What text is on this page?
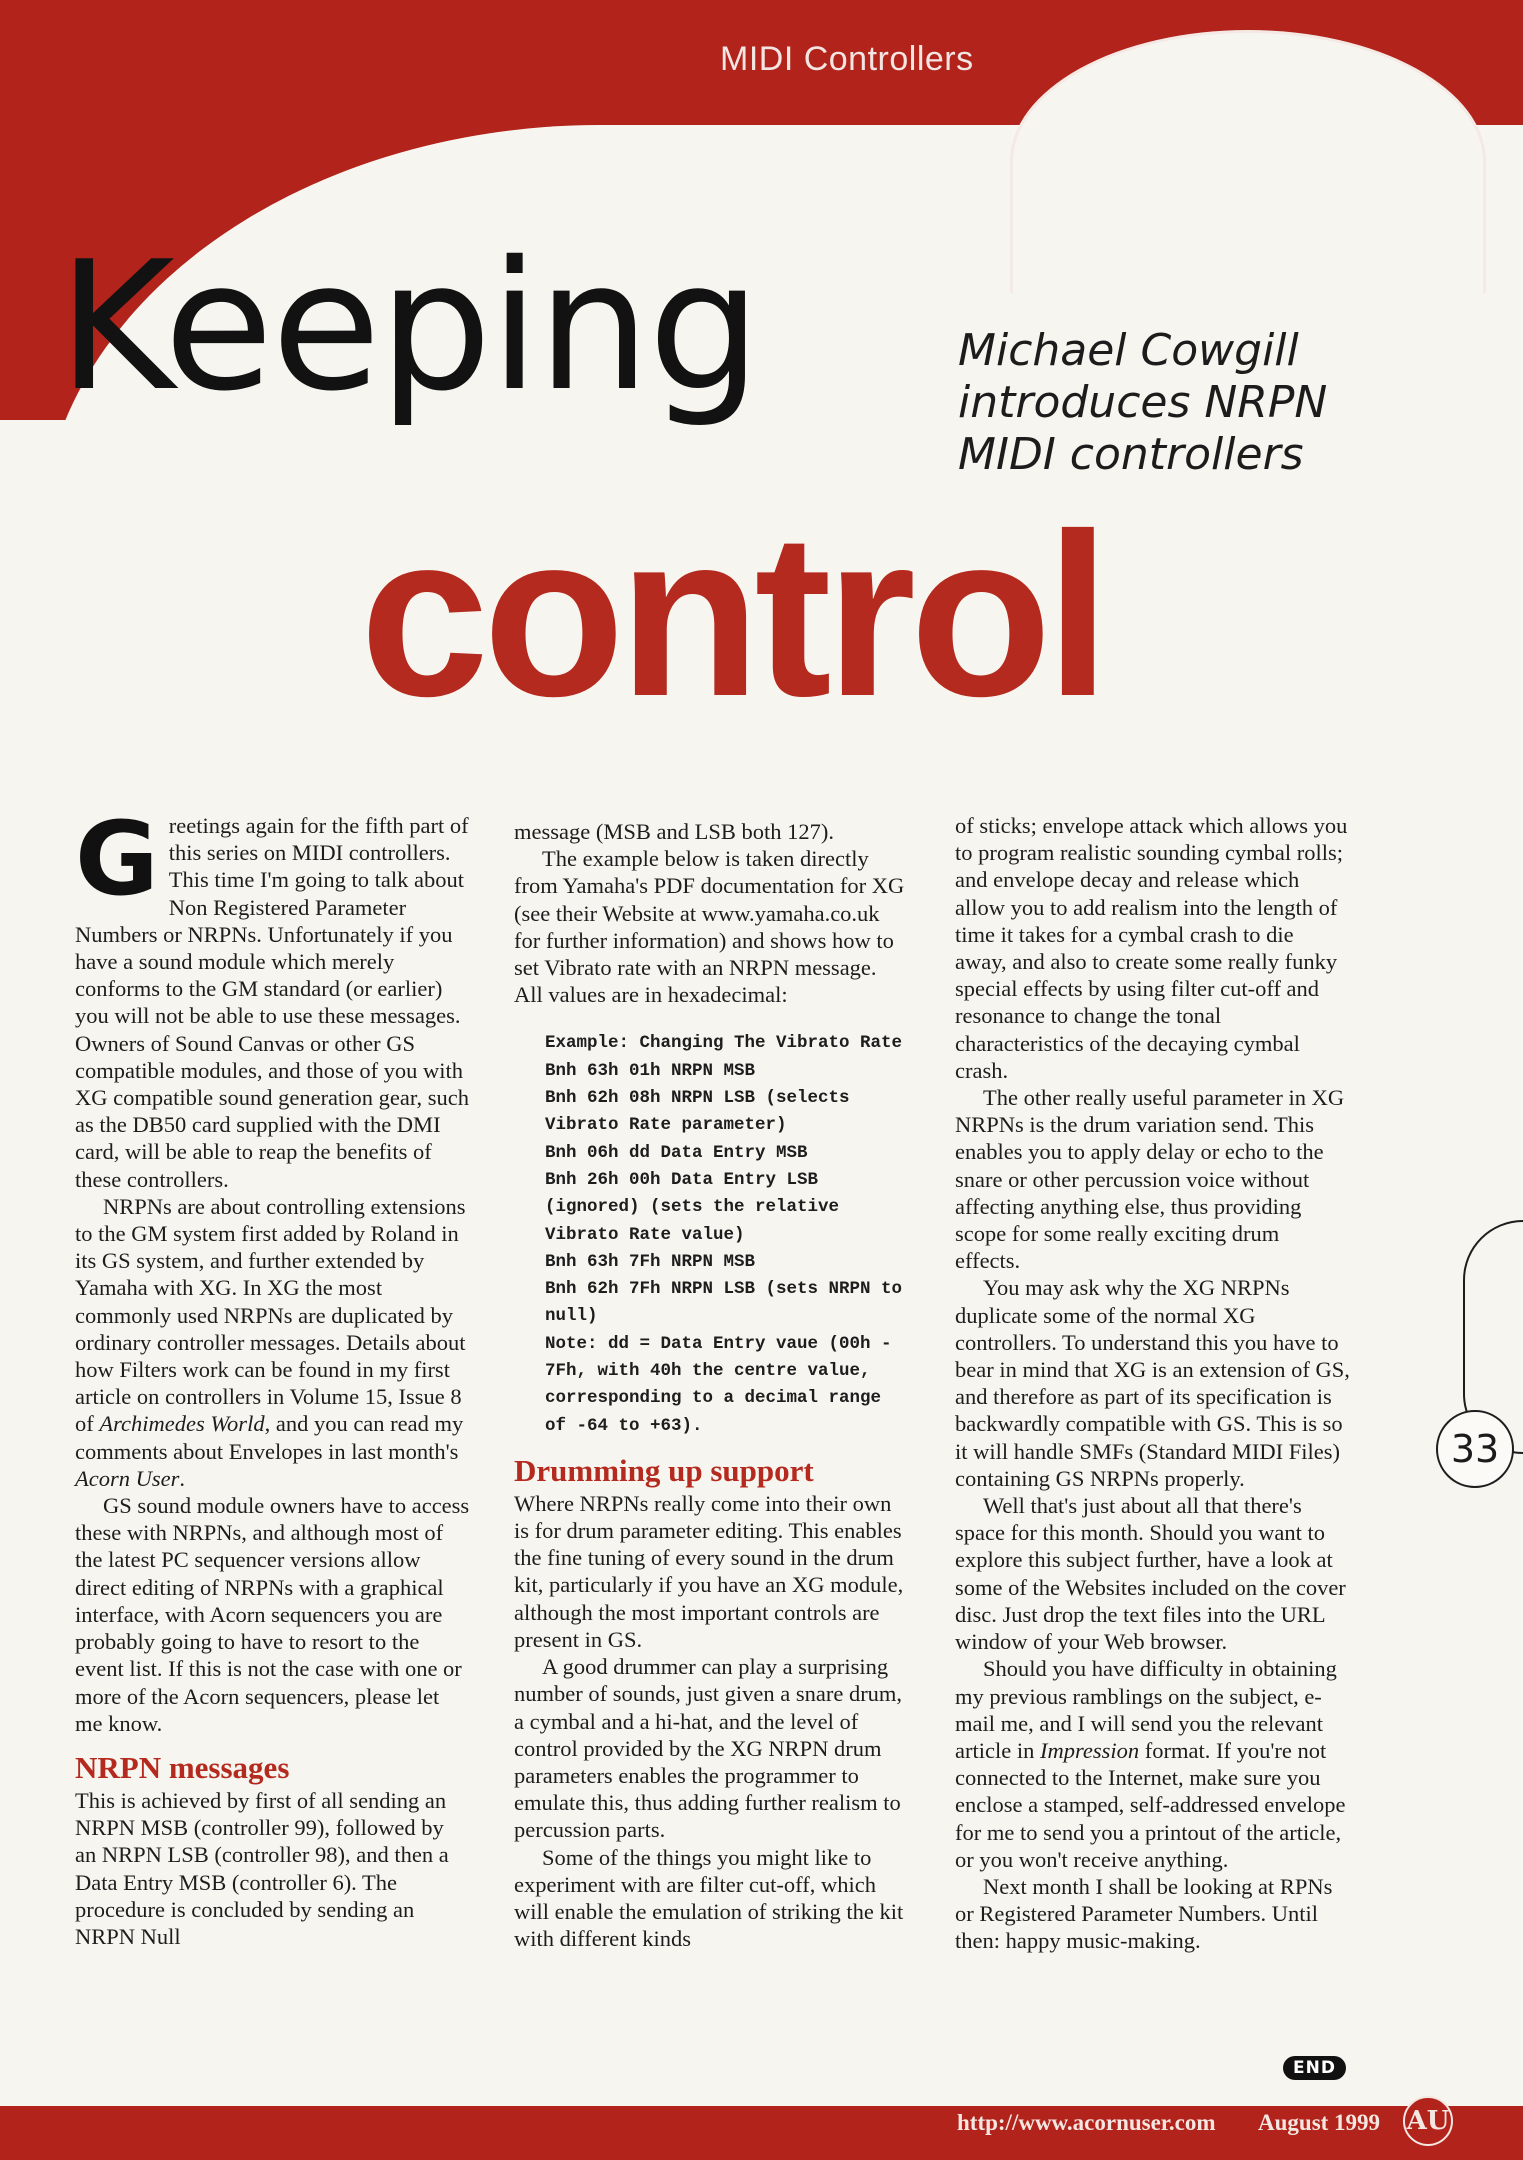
MIDI Controllers
Keeping	Michael Cowgill
introduces NRPN
MIDI controllers
control

Greetings again for the fifth part of this series on MIDI controllers. This time I'm going to talk about Non Registered Parameter Numbers or NRPNs. Unfortunately if you have a sound module which merely conforms to the GM standard (or earlier) you will not be able to use these messages. Owners of Sound Canvas or other GS compatible modules, and those of you with XG compatible sound generation gear, such as the DB50 card supplied with the DMI card, will be able to reap the benefits of these controllers.

NRPNs are about controlling extensions to the GM system first added by Roland in its GS system, and further extended by Yamaha with XG. In XG the most commonly used NRPNs are duplicated by ordinary controller messages. Details about how Filters work can be found in my first article on controllers in Volume 15, Issue 8 of Archimedes World, and you can read my comments about Envelopes in last month's Acorn User.

GS sound module owners have to access these with NRPNs, and although most of the latest PC sequencer versions allow direct editing of NRPNs with a graphical interface, with Acorn sequencers you are probably going to have to resort to the event list. If this is not the case with one or more of the Acorn sequencers, please let me know.

NRPN messages

This is achieved by first of all sending an NRPN MSB (controller 99), followed by an NRPN LSB (controller 98), and then a Data Entry MSB (controller 6). The procedure is concluded by sending an NRPN Null

message (MSB and LSB both 127).

The example below is taken directly from Yamaha's PDF documentation for XG (see their Website at www.yamaha.co.uk for further information) and shows how to set Vibrato rate with an NRPN message. All values are in hexadecimal:

Example: Changing The Vibrato Rate
Bnh 63h 01h NRPN MSB
Bnh 62h 08h NRPN LSB (selects Vibrato Rate parameter)
Bnh 06h dd Data Entry MSB
Bnh 26h 00h Data Entry LSB (ignored) (sets the relative Vibrato Rate value)
Bnh 63h 7Fh NRPN MSB
Bnh 62h 7Fh NRPN LSB (sets NRPN to null)
Note: dd = Data Entry vaue (00h - 7Fh, with 40h the centre value, corresponding to a decimal range of -64 to +63).
Drumming up support

Where NRPNs really come into their own is for drum parameter editing. This enables the fine tuning of every sound in the drum kit, particularly if you have an XG module, although the most important controls are present in GS.

A good drummer can play a surprising number of sounds, just given a snare drum, a cymbal and a hi-hat, and the level of control provided by the XG NRPN drum parameters enables the programmer to emulate this, thus adding further realism to percussion parts.

Some of the things you might like to experiment with are filter cut-off, which will enable the emulation of striking the kit with different kinds

of sticks; envelope attack which allows you to program realistic sounding cymbal rolls; and envelope decay and release which allow you to add realism into the length of time it takes for a cymbal crash to die away, and also to create some really funky special effects by using filter cut-off and resonance to change the tonal characteristics of the decaying cymbal crash.

The other really useful parameter in XG NRPNs is the drum variation send. This enables you to apply delay or echo to the snare or other percussion voice without affecting anything else, thus providing scope for some really exciting drum effects.

You may ask why the XG NRPNs duplicate some of the normal XG controllers. To understand this you have to bear in mind that XG is an extension of GS, and therefore as part of its specification is backwardly compatible with GS. This is so it will handle SMFs (Standard MIDI Files) containing GS NRPNs properly.

Well that's just about all that there's space for this month. Should you want to explore this subject further, have a look at some of the Websites included on the cover disc. Just drop the text files into the URL window of your Web browser.

Should you have difficulty in obtaining my previous ramblings on the subject, e-mail me, and I will send you the relevant article in Impression format. If you're not connected to the Internet, make sure you enclose a stamped, self-addressed envelope for me to send you a printout of the article, or you won't receive anything.

Next month I shall be looking at RPNs or Registered Parameter Numbers. Until then: happy music-making.

END
33
http://www.acornuser.com August 1999 AU
